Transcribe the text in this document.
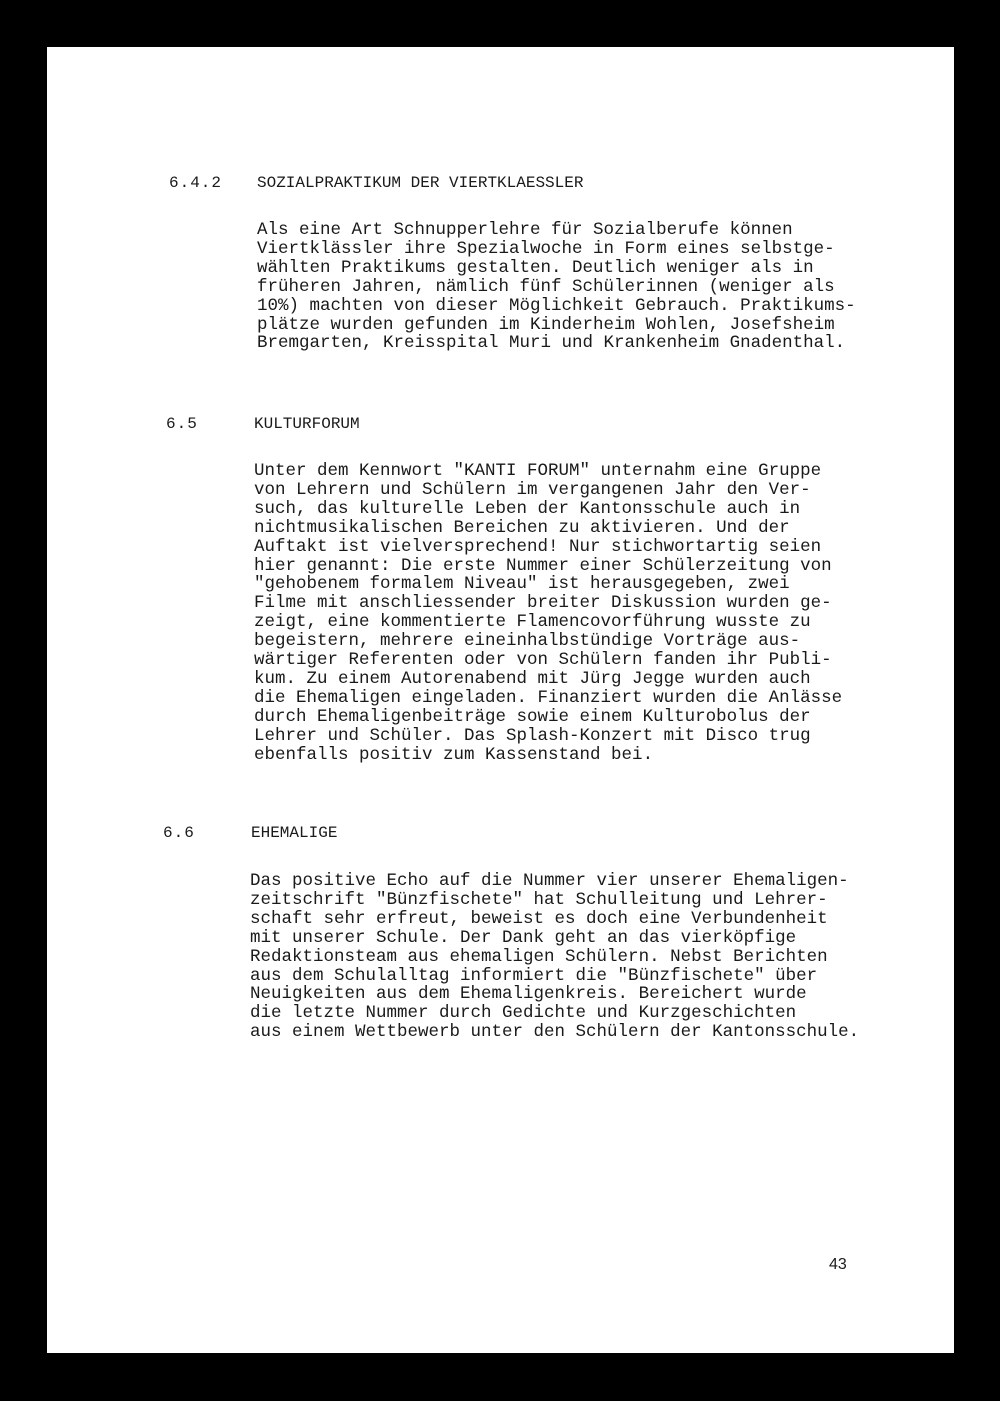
6.4.2 SOZIALPRAKTIKUM DER VIERTKLAESSLER
Als eine Art Schnupperlehre für Sozialberufe können
Viertklässler ihre Spezialwoche in Form eines selbstge-
wählten Praktikums gestalten. Deutlich weniger als in
früheren Jahren, nämlich fünf Schülerinnen (weniger als
10%) machten von dieser Möglichkeit Gebrauch. Praktikums-
plätze wurden gefunden im Kinderheim Wohlen, Josefsheim
Bremgarten, Kreisspital Muri und Krankenheim Gnadenthal.
6.5	KULTURFORUM
Unter dem Kennwort "KANTI FORUM" unternahm eine Gruppe
von Lehrern und Schülern im vergangenen Jahr den Ver-
such, das kulturelle Leben der Kantonsschule auch in
nichtmusikalischen Bereichen zu aktivieren. Und der
Auftakt ist vielversprechend! Nur stichwortartig seien
hier genannt: Die erste Nummer einer Schülerzeitung von
"gehobenem formalem Niveau" ist herausgegeben, zwei
Filme mit anschliessender breiter Diskussion wurden ge-
zeigt, eine kommentierte Flamencovorführung wusste zu
begeistern, mehrere eineinhalbstündige Vorträge aus-
wärtiger Referenten oder von Schülern fanden ihr Publi-
kum. Zu einem Autorenabend mit Jürg Jegge wurden auch
die Ehemaligen eingeladen. Finanziert wurden die Anlässe
durch Ehemaligenbeiträge sowie einem Kulturobolus der
Lehrer und Schüler. Das Splash-Konzert mit Disco trug
ebenfalls positiv zum Kassenstand bei.
6.6	EHEMALIGE
Das positive Echo auf die Nummer vier unserer Ehemaligen-
zeitschrift "Bünzfischete" hat Schulleitung und Lehrer-
schaft sehr erfreut, beweist es doch eine Verbundenheit
mit unserer Schule. Der Dank geht an das vierköpfige
Redaktionsteam aus ehemaligen Schülern. Nebst Berichten
aus dem Schulalltag informiert die "Bünzfischete" über
Neuigkeiten aus dem Ehemaligenkreis. Bereichert wurde
die letzte Nummer durch Gedichte und Kurzgeschichten
aus einem Wettbewerb unter den Schülern der Kantonsschule.
43
